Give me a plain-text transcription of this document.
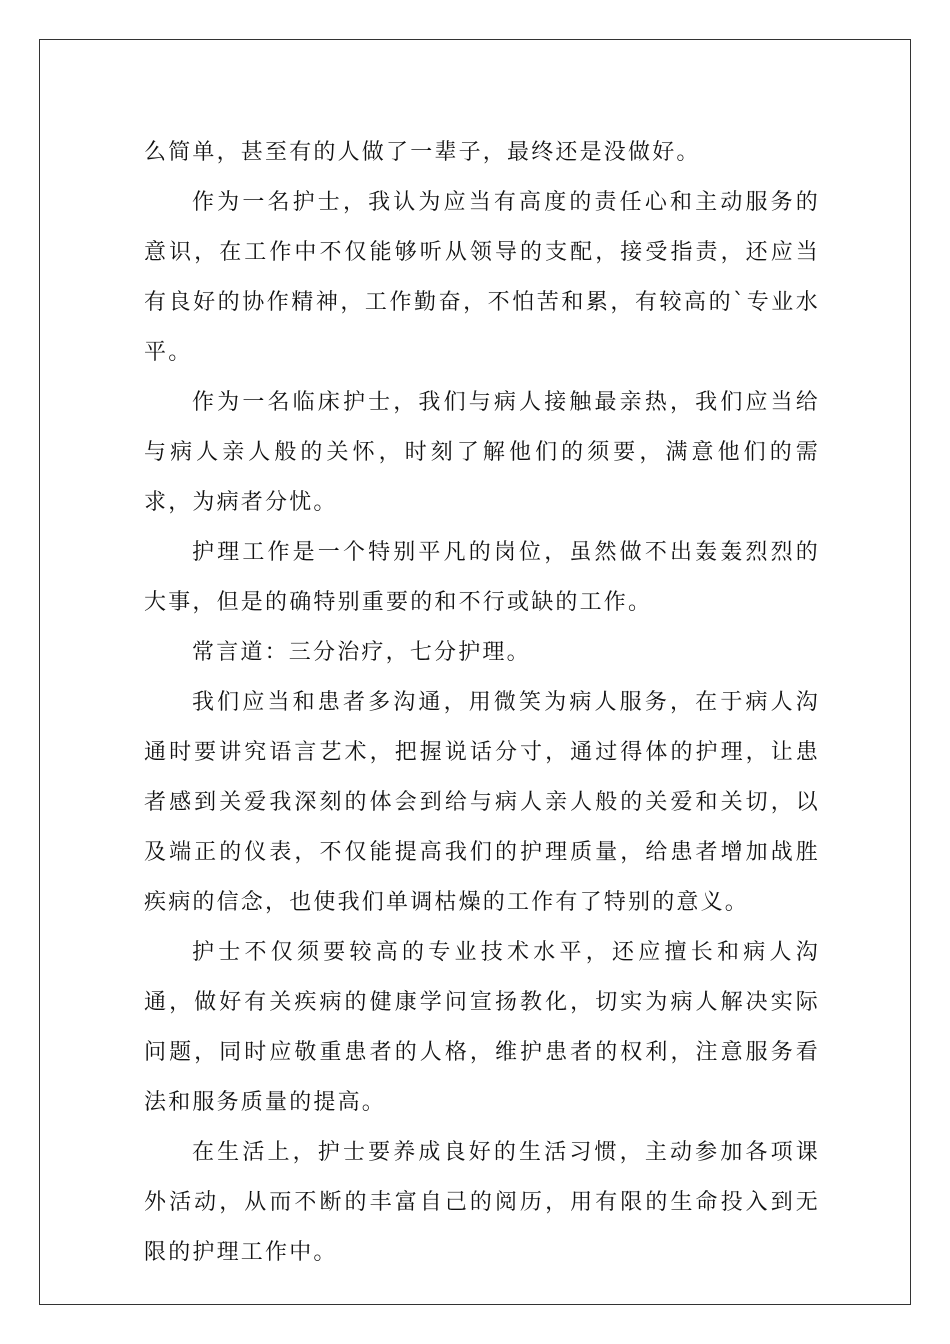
么简单，甚至有的人做了一辈子，最终还是没做好。

作为一名护士，我认为应当有高度的责任心和主动服务的意识，在工作中不仅能够听从领导的支配，接受指责，还应当有良好的协作精神，工作勤奋，不怕苦和累，有较高的`专业水平。

作为一名临床护士，我们与病人接触最亲热，我们应当给与病人亲人般的关怀，时刻了解他们的须要，满意他们的需求，为病者分忧。

护理工作是一个特别平凡的岗位，虽然做不出轰轰烈烈的大事，但是的确特别重要的和不行或缺的工作。

常言道：三分治疗，七分护理。

我们应当和患者多沟通，用微笑为病人服务，在于病人沟通时要讲究语言艺术，把握说话分寸，通过得体的护理，让患者感到关爱我深刻的体会到给与病人亲人般的关爱和关切，以及端正的仪表，不仅能提高我们的护理质量，给患者增加战胜疾病的信念，也使我们单调枯燥的工作有了特别的意义。

护士不仅须要较高的专业技术水平，还应擅长和病人沟通，做好有关疾病的健康学问宣扬教化，切实为病人解决实际问题，同时应敬重患者的人格，维护患者的权利，注意服务看法和服务质量的提高。

在生活上，护士要养成良好的生活习惯，主动参加各项课外活动，从而不断的丰富自己的阅历，用有限的生命投入到无限的护理工作中。
